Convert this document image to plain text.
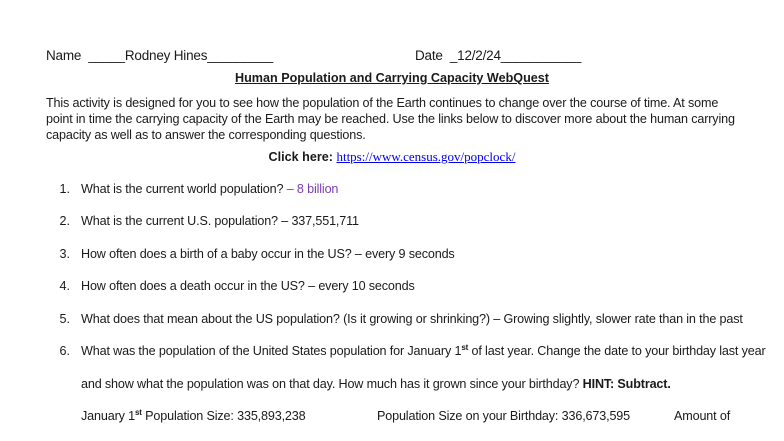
Name _____Rodney Hines_________	Date _12/2/24___________
Human Population and Carrying Capacity WebQuest
This activity is designed for you to see how the population of the Earth continues to change over the course of time. At some point in time the carrying capacity of the Earth may be reached. Use the links below to discover more about the human carrying capacity as well as to answer the corresponding questions.
Click here: https://www.census.gov/popclock/
1. What is the current world population? – 8 billion
2. What is the current U.S. population? – 337,551,711
3. How often does a birth of a baby occur in the US? – every 9 seconds
4. How often does a death occur in the US? – every 10 seconds
5. What does that mean about the US population? (Is it growing or shrinking?) – Growing slightly, slower rate than in the past
6. What was the population of the United States population for January 1st of last year. Change the date to your birthday last year
and show what the population was on that day. How much has it grown since your birthday? HINT: Subtract.
January 1st Population Size: 335,893,238	Population Size on your Birthday: 336,673,595	Amount of
